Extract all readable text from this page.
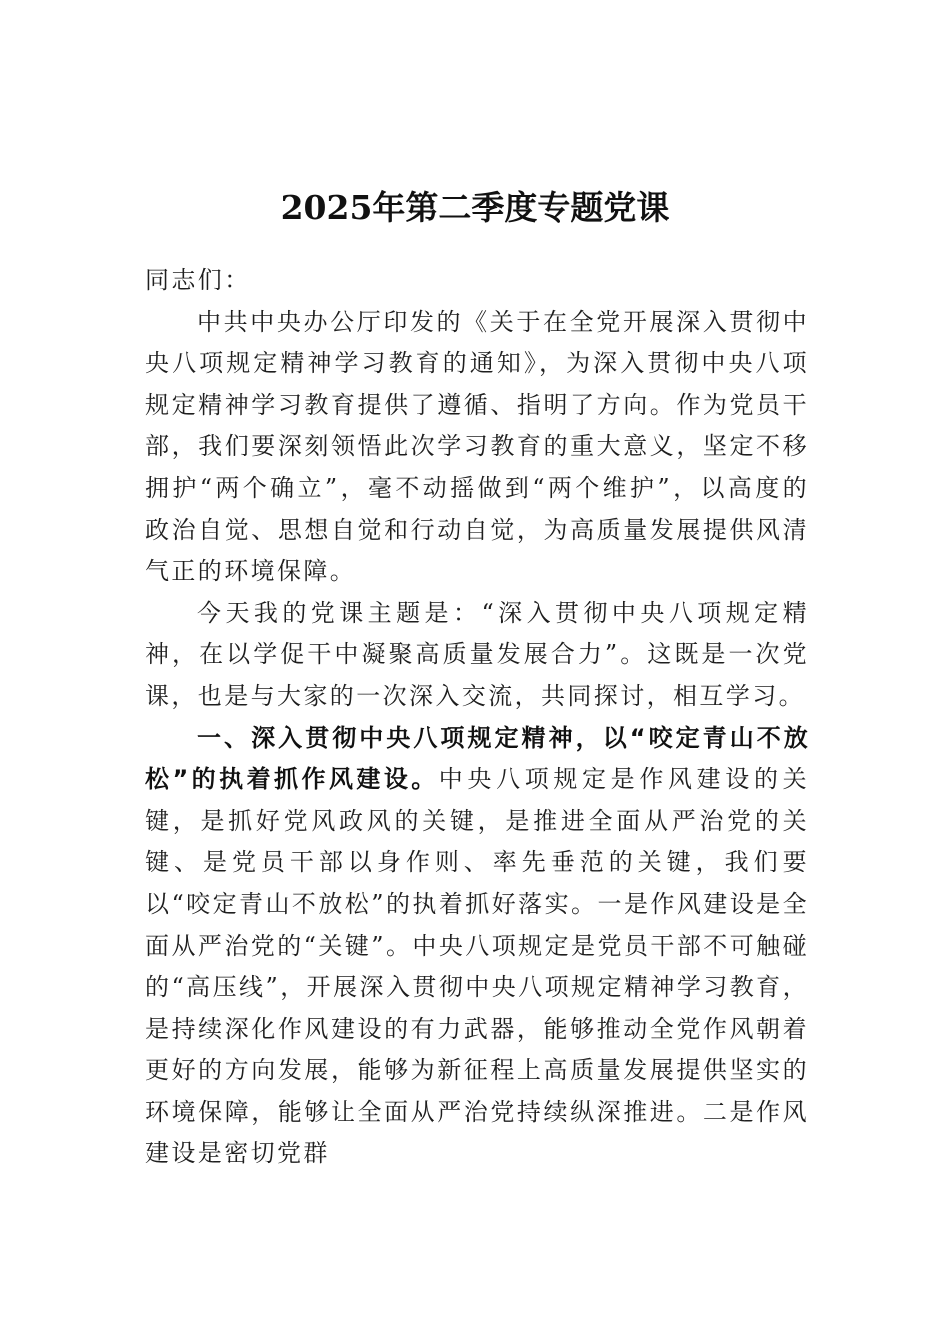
2025年第二季度专题党课

同志们：

中共中央办公厅印发的《关于在全党开展深入贯彻中央八项规定精神学习教育的通知》，为深入贯彻中央八项规定精神学习教育提供了遵循、指明了方向。作为党员干部，我们要深刻领悟此次学习教育的重大意义，坚定不移拥护“两个确立”，毫不动摇做到“两个维护”，以高度的政治自觉、思想自觉和行动自觉，为高质量发展提供风清气正的环境保障。

今天我的党课主题是：“深入贯彻中央八项规定精神，在以学促干中凝聚高质量发展合力”。这既是一次党课，也是与大家的一次深入交流，共同探讨，相互学习。

一、深入贯彻中央八项规定精神，以“咬定青山不放松”的执着抓作风建设。中央八项规定是作风建设的关键，是抓好党风政风的关键，是推进全面从严治党的关键、是党员干部以身作则、率先垂范的关键，我们要以“咬定青山不放松”的执着抓好落实。一是作风建设是全面从严治党的“关键”。中央八项规定是党员干部不可触碰的“高压线”，开展深入贯彻中央八项规定精神学习教育，是持续深化作风建设的有力武器，能够推动全党作风朝着更好的方向发展，能够为新征程上高质量发展提供坚实的环境保障，能够让全面从严治党持续纵深推进。二是作风建设是密切党群
